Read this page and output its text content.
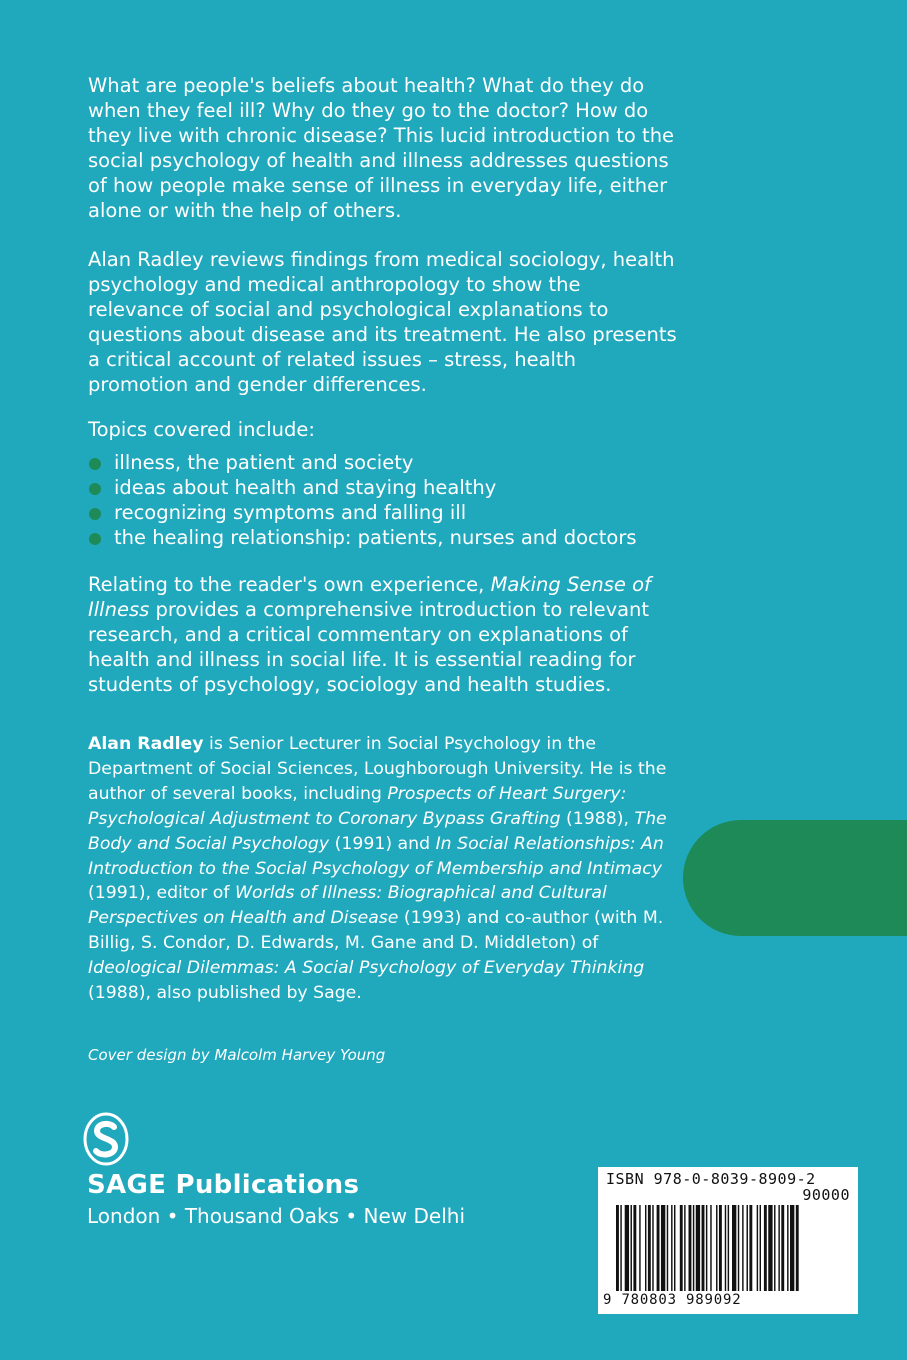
What are people's beliefs about health? What do they do when they feel ill? Why do they go to the doctor? How do they live with chronic disease? This lucid introduction to the social psychology of health and illness addresses questions of how people make sense of illness in everyday life, either alone or with the help of others.

Alan Radley reviews findings from medical sociology, health psychology and medical anthropology to show the relevance of social and psychological explanations to questions about disease and its treatment. He also presents a critical account of related issues – stress, health promotion and gender differences.

Topics covered include:

illness, the patient and society
ideas about health and staying healthy
recognizing symptoms and falling ill
the healing relationship: patients, nurses and doctors

Relating to the reader's own experience, Making Sense of Illness provides a comprehensive introduction to relevant research, and a critical commentary on explanations of health and illness in social life. It is essential reading for students of psychology, sociology and health studies.

Alan Radley is Senior Lecturer in Social Psychology in the Department of Social Sciences, Loughborough University. He is the author of several books, including Prospects of Heart Surgery: Psychological Adjustment to Coronary Bypass Grafting (1988), The Body and Social Psychology (1991) and In Social Relationships: An Introduction to the Social Psychology of Membership and Intimacy (1991), editor of Worlds of Illness: Biographical and Cultural Perspectives on Health and Disease (1993) and co-author (with M. Billig, S. Condor, D. Edwards, M. Gane and D. Middleton) of Ideological Dilemmas: A Social Psychology of Everyday Thinking (1988), also published by Sage.

Cover design by Malcolm Harvey Young

SAGE Publications
London • Thousand Oaks • New Delhi
ISBN 978-0-8039-8909-2
90000
9 780803 989092
